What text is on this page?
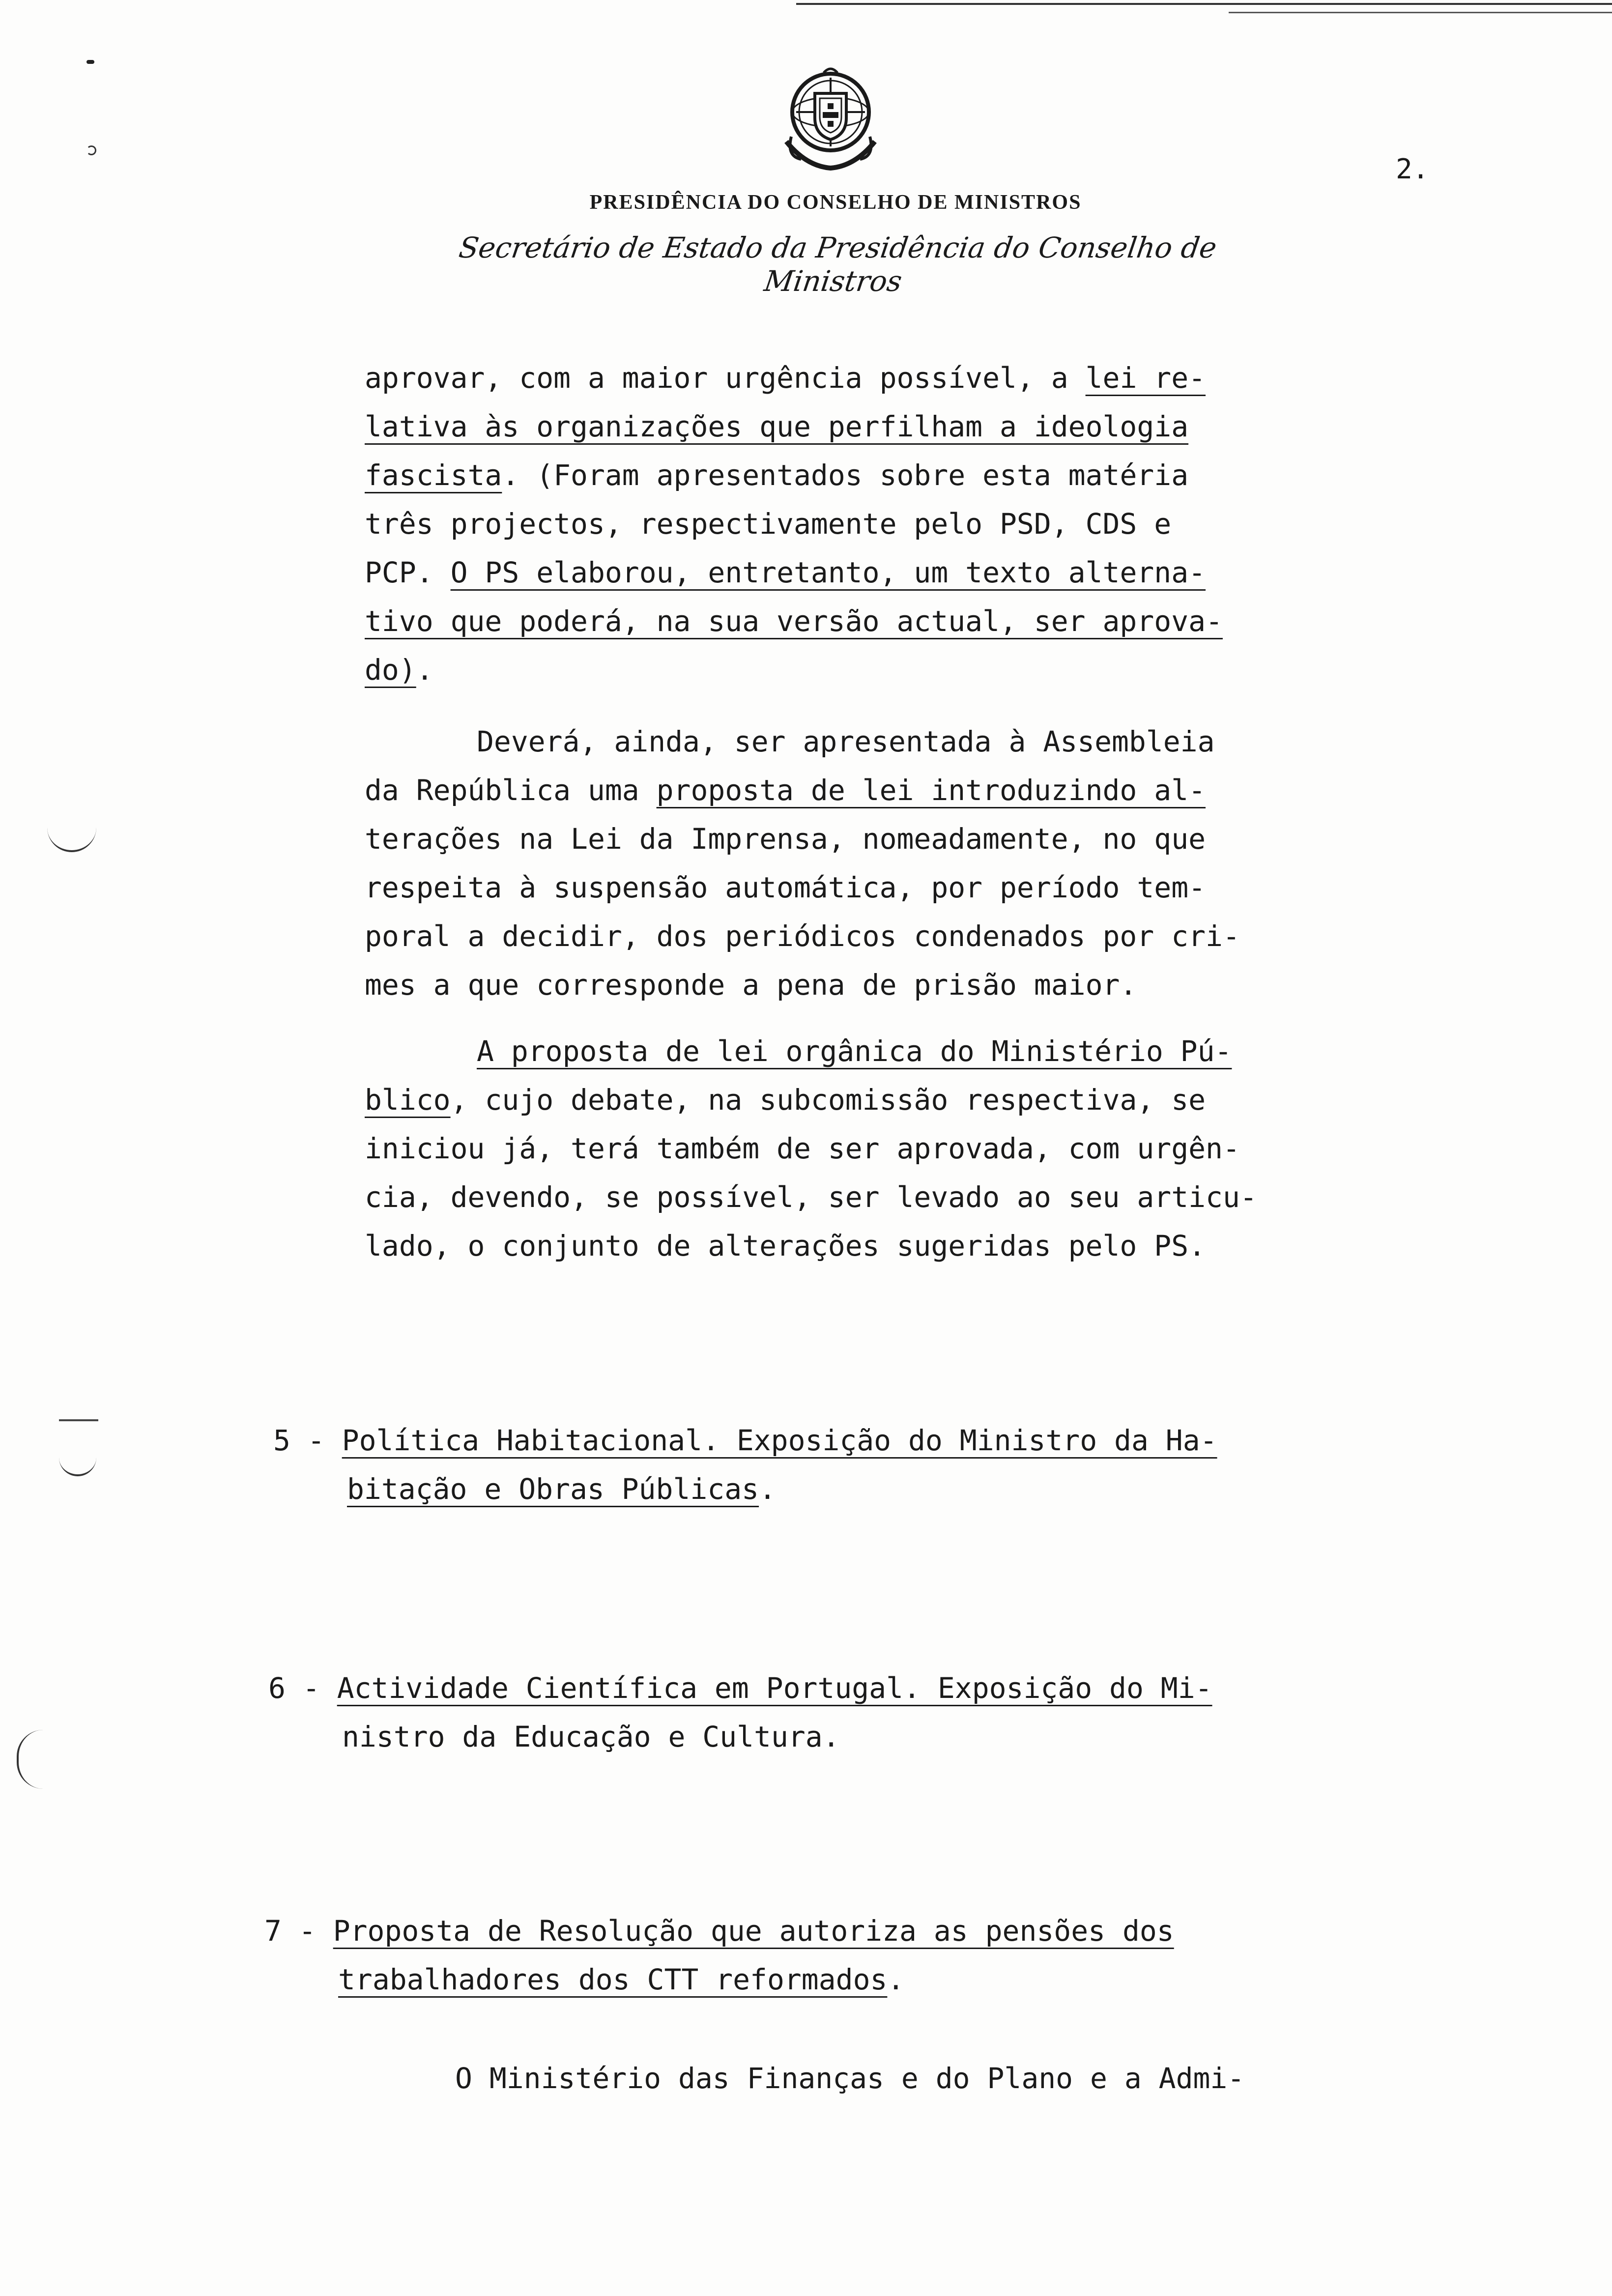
2.
PRESIDÊNCIA DO CONSELHO DE MINISTROS
Secretário de Estado da Presidência do Conselho de Ministros
aprovar, com a maior urgência possível, a lei re-
lativa às organizações que perfilham a ideologia
fascista. (Foram apresentados sobre esta matéria
três projectos, respectivamente pelo PSD, CDS e
PCP. O PS elaborou, entretanto, um texto alterna-
tivo que poderá, na sua versão actual, ser aprova-
do).
Deverá, ainda, ser apresentada à Assembleia
da República uma proposta de lei introduzindo al-
terações na Lei da Imprensa, nomeadamente, no que
respeita à suspensão automática, por período tem-
poral a decidir, dos periódicos condenados por cri-
mes a que corresponde a pena de prisão maior.
A proposta de lei orgânica do Ministério Pú-
blico, cujo debate, na subcomissão respectiva, se
iniciou já, terá também de ser aprovada, com urgên-
cia, devendo, se possível, ser levado ao seu articu-
lado, o conjunto de alterações sugeridas pelo PS.
5 - Política Habitacional. Exposição do Ministro da Ha-
bitação e Obras Públicas.
6 - Actividade Científica em Portugal. Exposição do Mi-
nistro da Educação e Cultura.
7 - Proposta de Resolução que autoriza as pensões dos
trabalhadores dos CTT reformados.
O Ministério das Finanças e do Plano e a Admi-
